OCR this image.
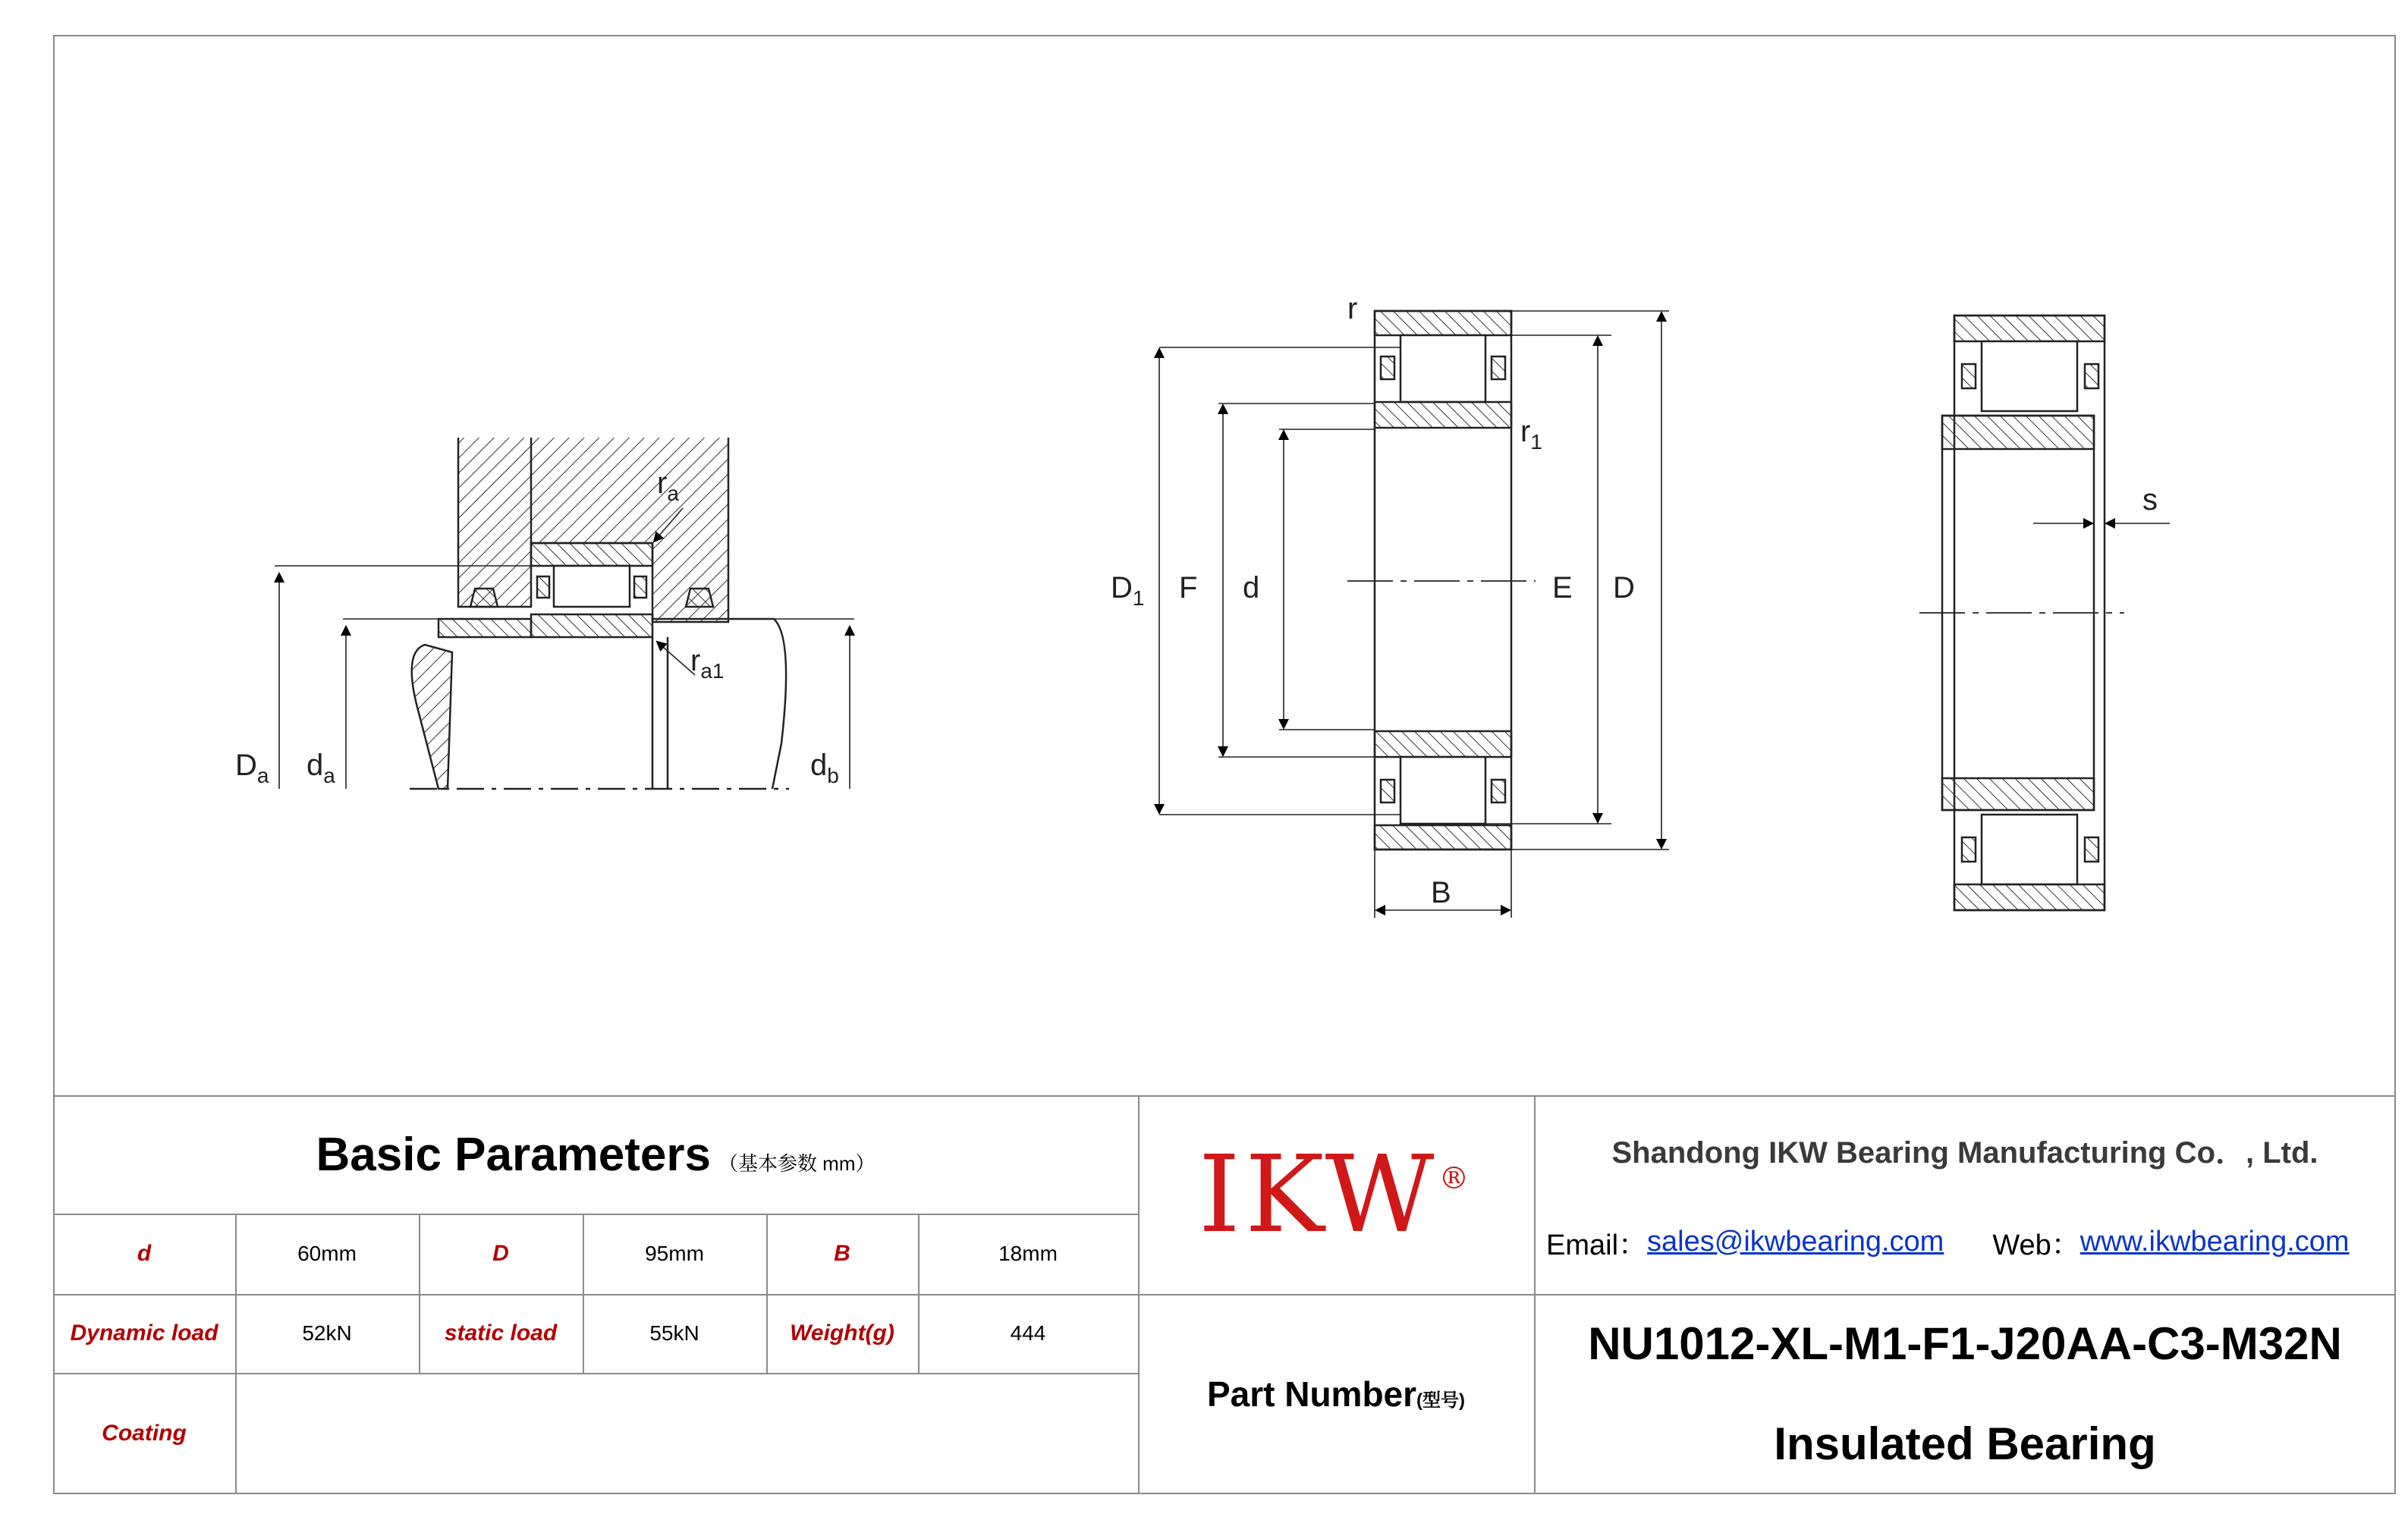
$r_a$
$r_{a1}$
$D_a$ $d_a$	$d_b$
r
$r_1$
$D_1$ F d	E D
B
s
Basic Parameters （基本参数 mm）
d	60mm	D	95mm	B	18mm
Dynamic load	52kN	static load	55kN	Weight(g)	444
Coating
IKW®
Part Number(型号)
Shandong IKW Bearing Manufacturing Co．, Ltd.
Email： sales@ikwbearing.com Web： www.ikwbearing.com
NU1012-XL-M1-F1-J20AA-C3-M32N
Insulated Bearing
